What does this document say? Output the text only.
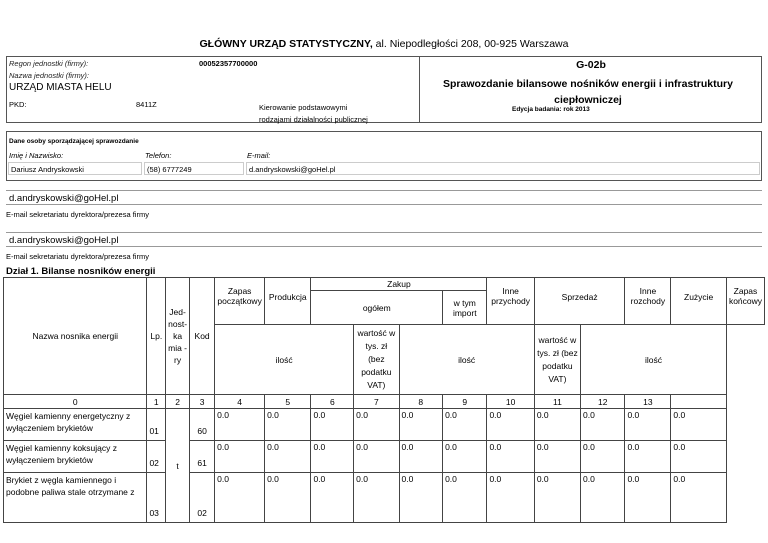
GŁÓWNY URZĄD STATYSTYCZNY, al. Niepodległości 208, 00-925 Warszawa
Regon jednostki (firmy):	00052357700000
Nazwa jednostki (firmy):
URZĄD MIASTA HELU
PKD:	8411Z	Kierowanie podstawowymi rodzajami działalności publicznej
G-02b
Sprawozdanie bilansowe nośników energii i infrastruktury ciepłowniczej
Edycja badania: rok 2013
Dane osoby sporządzającej sprawozdanie
Imię i Nazwisko:	Telefon:	E-mail:
Dariusz Andryskowski	(58) 6777249	d.andryskowski@goHel.pl
d.andryskowski@goHel.pl
E-mail sekretariatu dyrektora/prezesa firmy
d.andryskowski@goHel.pl
E-mail sekretariatu dyrektora/prezesa firmy
Dział 1. Bilanse nosników energii
Nazwa nosnika energii	Lp.	Jed- nost- ka mia -ry	Kod	Zapas początkowy	Produkcja	Zakup				Inne przychody	Sprzedaż		Inne rozchody	Zużycie	Zapas końcowy
						ogółem			w tym import						
				ilość			wartość w tys. zł (bez podatku VAT)	ilość			wartość w tys. zł (bez podatku VAT)	ilość			
0	1	2	3	4	5	6	7	8	9	10	11	12	13		
Węgiel kamienny energetyczny z wyłączeniem brykietów	01	t	60	0.0	0.0	0.0	0.0	0.0	0.0	0.0	0.0	0.0	0.0	0.0	
Węgiel kamienny koksujący z wyłączeniem brykietów	02		61	0.0	0.0	0.0	0.0	0.0	0.0	0.0	0.0	0.0	0.0	0.0	
Brykiet z węgla kamiennego i podobne paliwa stale otrzymane z	03		02	0.0	0.0	0.0	0.0	0.0	0.0	0.0	0.0	0.0	0.0	0.0	
